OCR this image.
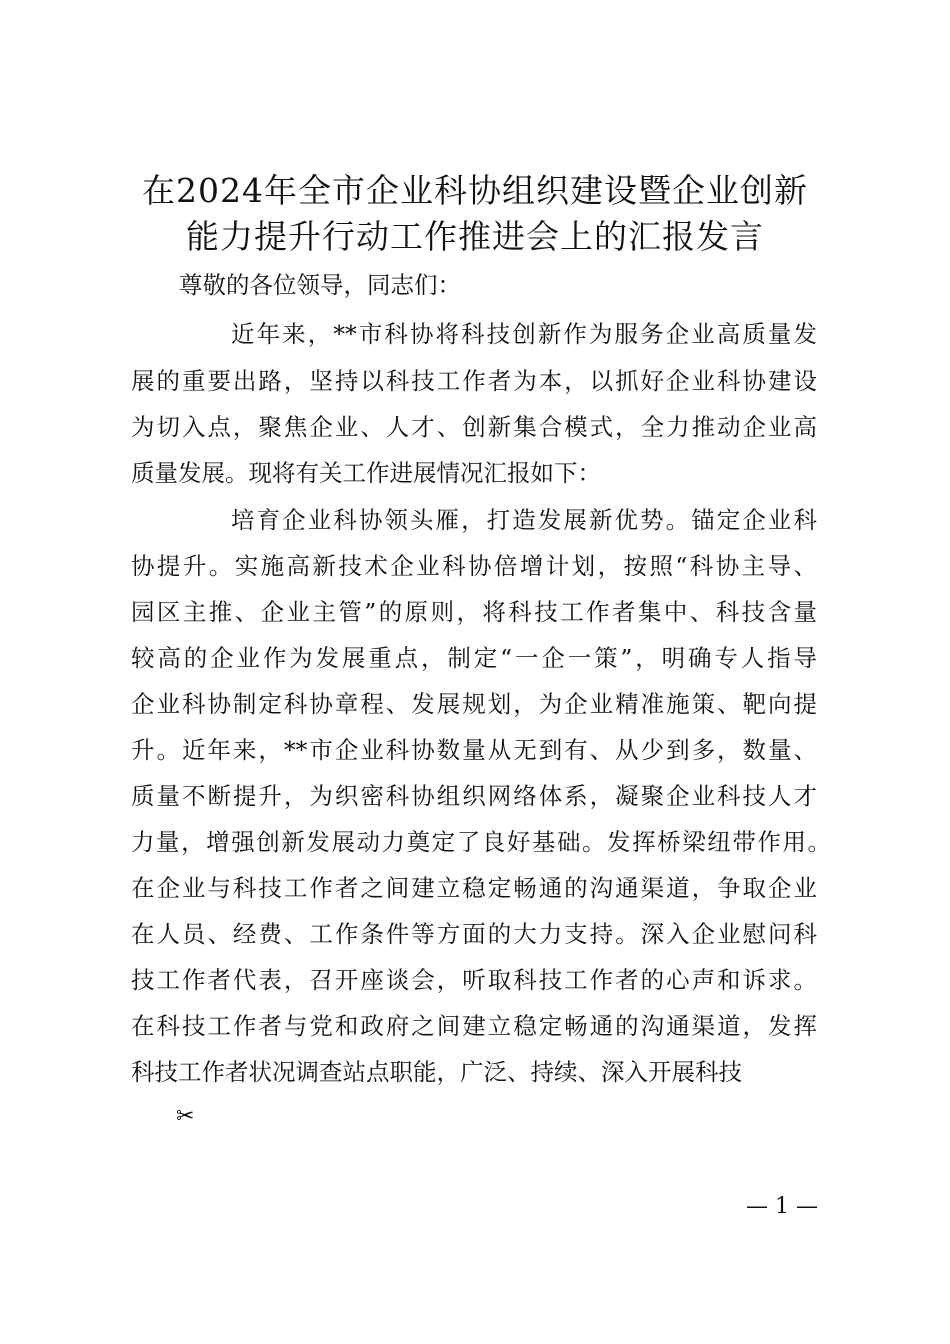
在2024年全市企业科协组织建设暨企业创新
能力提升行动工作推进会上的汇报发言
尊敬的各位领导，同志们：
近年来，**市科协将科技创新作为服务企业高质量发
展的重要出路，坚持以科技工作者为本，以抓好企业科协建设
为切入点，聚焦企业、人才、创新集合模式，全力推动企业高
质量发展。现将有关工作进展情况汇报如下：
培育企业科协领头雁，打造发展新优势。锚定企业科
协提升。实施高新技术企业科协倍增计划，按照“科协主导、
园区主推、企业主管”的原则，将科技工作者集中、科技含量
较高的企业作为发展重点，制定“一企一策”，明确专人指导
企业科协制定科协章程、发展规划，为企业精准施策、靶向提
升。近年来，**市企业科协数量从无到有、从少到多，数量、
质量不断提升，为织密科协组织网络体系，凝聚企业科技人才
力量，增强创新发展动力奠定了良好基础。发挥桥梁纽带作用。
在企业与科技工作者之间建立稳定畅通的沟通渠道，争取企业
在人员、经费、工作条件等方面的大力支持。深入企业慰问科
技工作者代表，召开座谈会，听取科技工作者的心声和诉求。
在科技工作者与党和政府之间建立稳定畅通的沟通渠道，发挥
科技工作者状况调查站点职能，广泛、持续、深入开展科技
✂
— 1 —
